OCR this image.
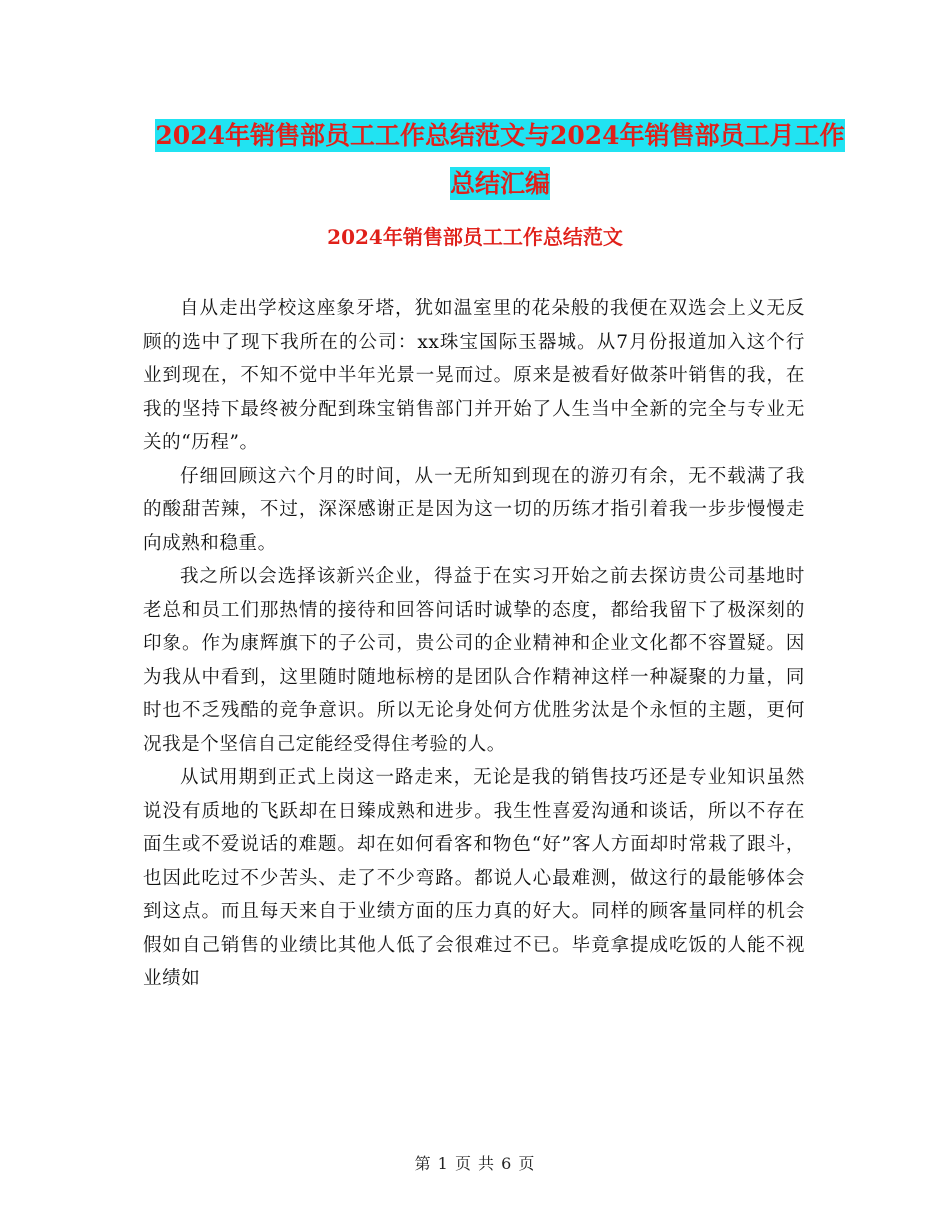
2024年销售部员工工作总结范文与2024年销售部员工月工作总结汇编
2024年销售部员工工作总结范文

自从走出学校这座象牙塔，犹如温室里的花朵般的我便在双选会上义无反顾的选中了现下我所在的公司：xx珠宝国际玉器城。从7月份报道加入这个行业到现在，不知不觉中半年光景一晃而过。原来是被看好做茶叶销售的我，在我的坚持下最终被分配到珠宝销售部门并开始了人生当中全新的完全与专业无关的“历程”。

仔细回顾这六个月的时间，从一无所知到现在的游刃有余，无不载满了我的酸甜苦辣，不过，深深感谢正是因为这一切的历练才指引着我一步步慢慢走向成熟和稳重。

我之所以会选择该新兴企业，得益于在实习开始之前去探访贵公司基地时老总和员工们那热情的接待和回答问话时诚挚的态度，都给我留下了极深刻的印象。作为康辉旗下的子公司，贵公司的企业精神和企业文化都不容置疑。因为我从中看到，这里随时随地标榜的是团队合作精神这样一种凝聚的力量，同时也不乏残酷的竞争意识。所以无论身处何方优胜劣汰是个永恒的主题，更何况我是个坚信自己定能经受得住考验的人。

从试用期到正式上岗这一路走来，无论是我的销售技巧还是专业知识虽然说没有质地的飞跃却在日臻成熟和进步。我生性喜爱沟通和谈话，所以不存在面生或不爱说话的难题。却在如何看客和物色“好”客人方面却时常栽了跟斗，也因此吃过不少苦头、走了不少弯路。都说人心最难测，做这行的最能够体会到这点。而且每天来自于业绩方面的压力真的好大。同样的顾客量同样的机会假如自己销售的业绩比其他人低了会很难过不已。毕竟拿提成吃饭的人能不视业绩如

第 1 页 共 6 页
